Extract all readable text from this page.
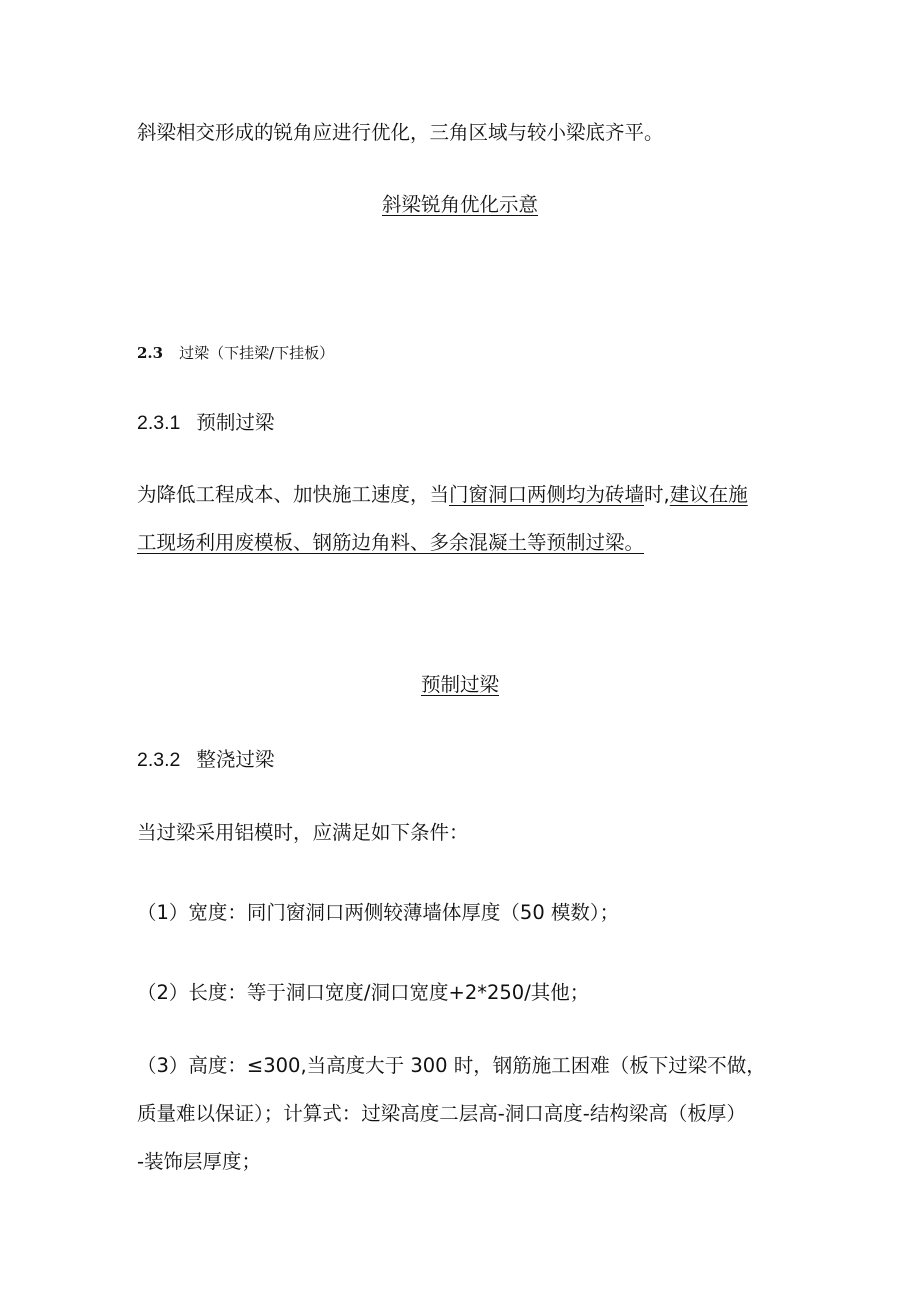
斜梁相交形成的锐角应进行优化，三角区域与较小梁底齐平。
斜梁锐角优化示意
2.3 过梁（下挂梁/下挂板）
2.3.1 预制过梁
为降低工程成本、加快施工速度，当门窗洞口两侧均为砖墙时,建议在施
工现场利用废模板、钢筋边角料、多余混凝土等预制过梁。
预制过梁
2.3.2 整浇过梁
当过梁采用铝模时，应满足如下条件：
（1）宽度：同门窗洞口两侧较薄墙体厚度（50 模数）；
（2）长度：等于洞口宽度/洞口宽度+2*250/其他；
（3）高度：≤300,当高度大于 300 时，钢筋施工困难（板下过梁不做，
质量难以保证）；计算式：过梁高度二层高-洞口高度-结构梁高（板厚）
-装饰层厚度；
